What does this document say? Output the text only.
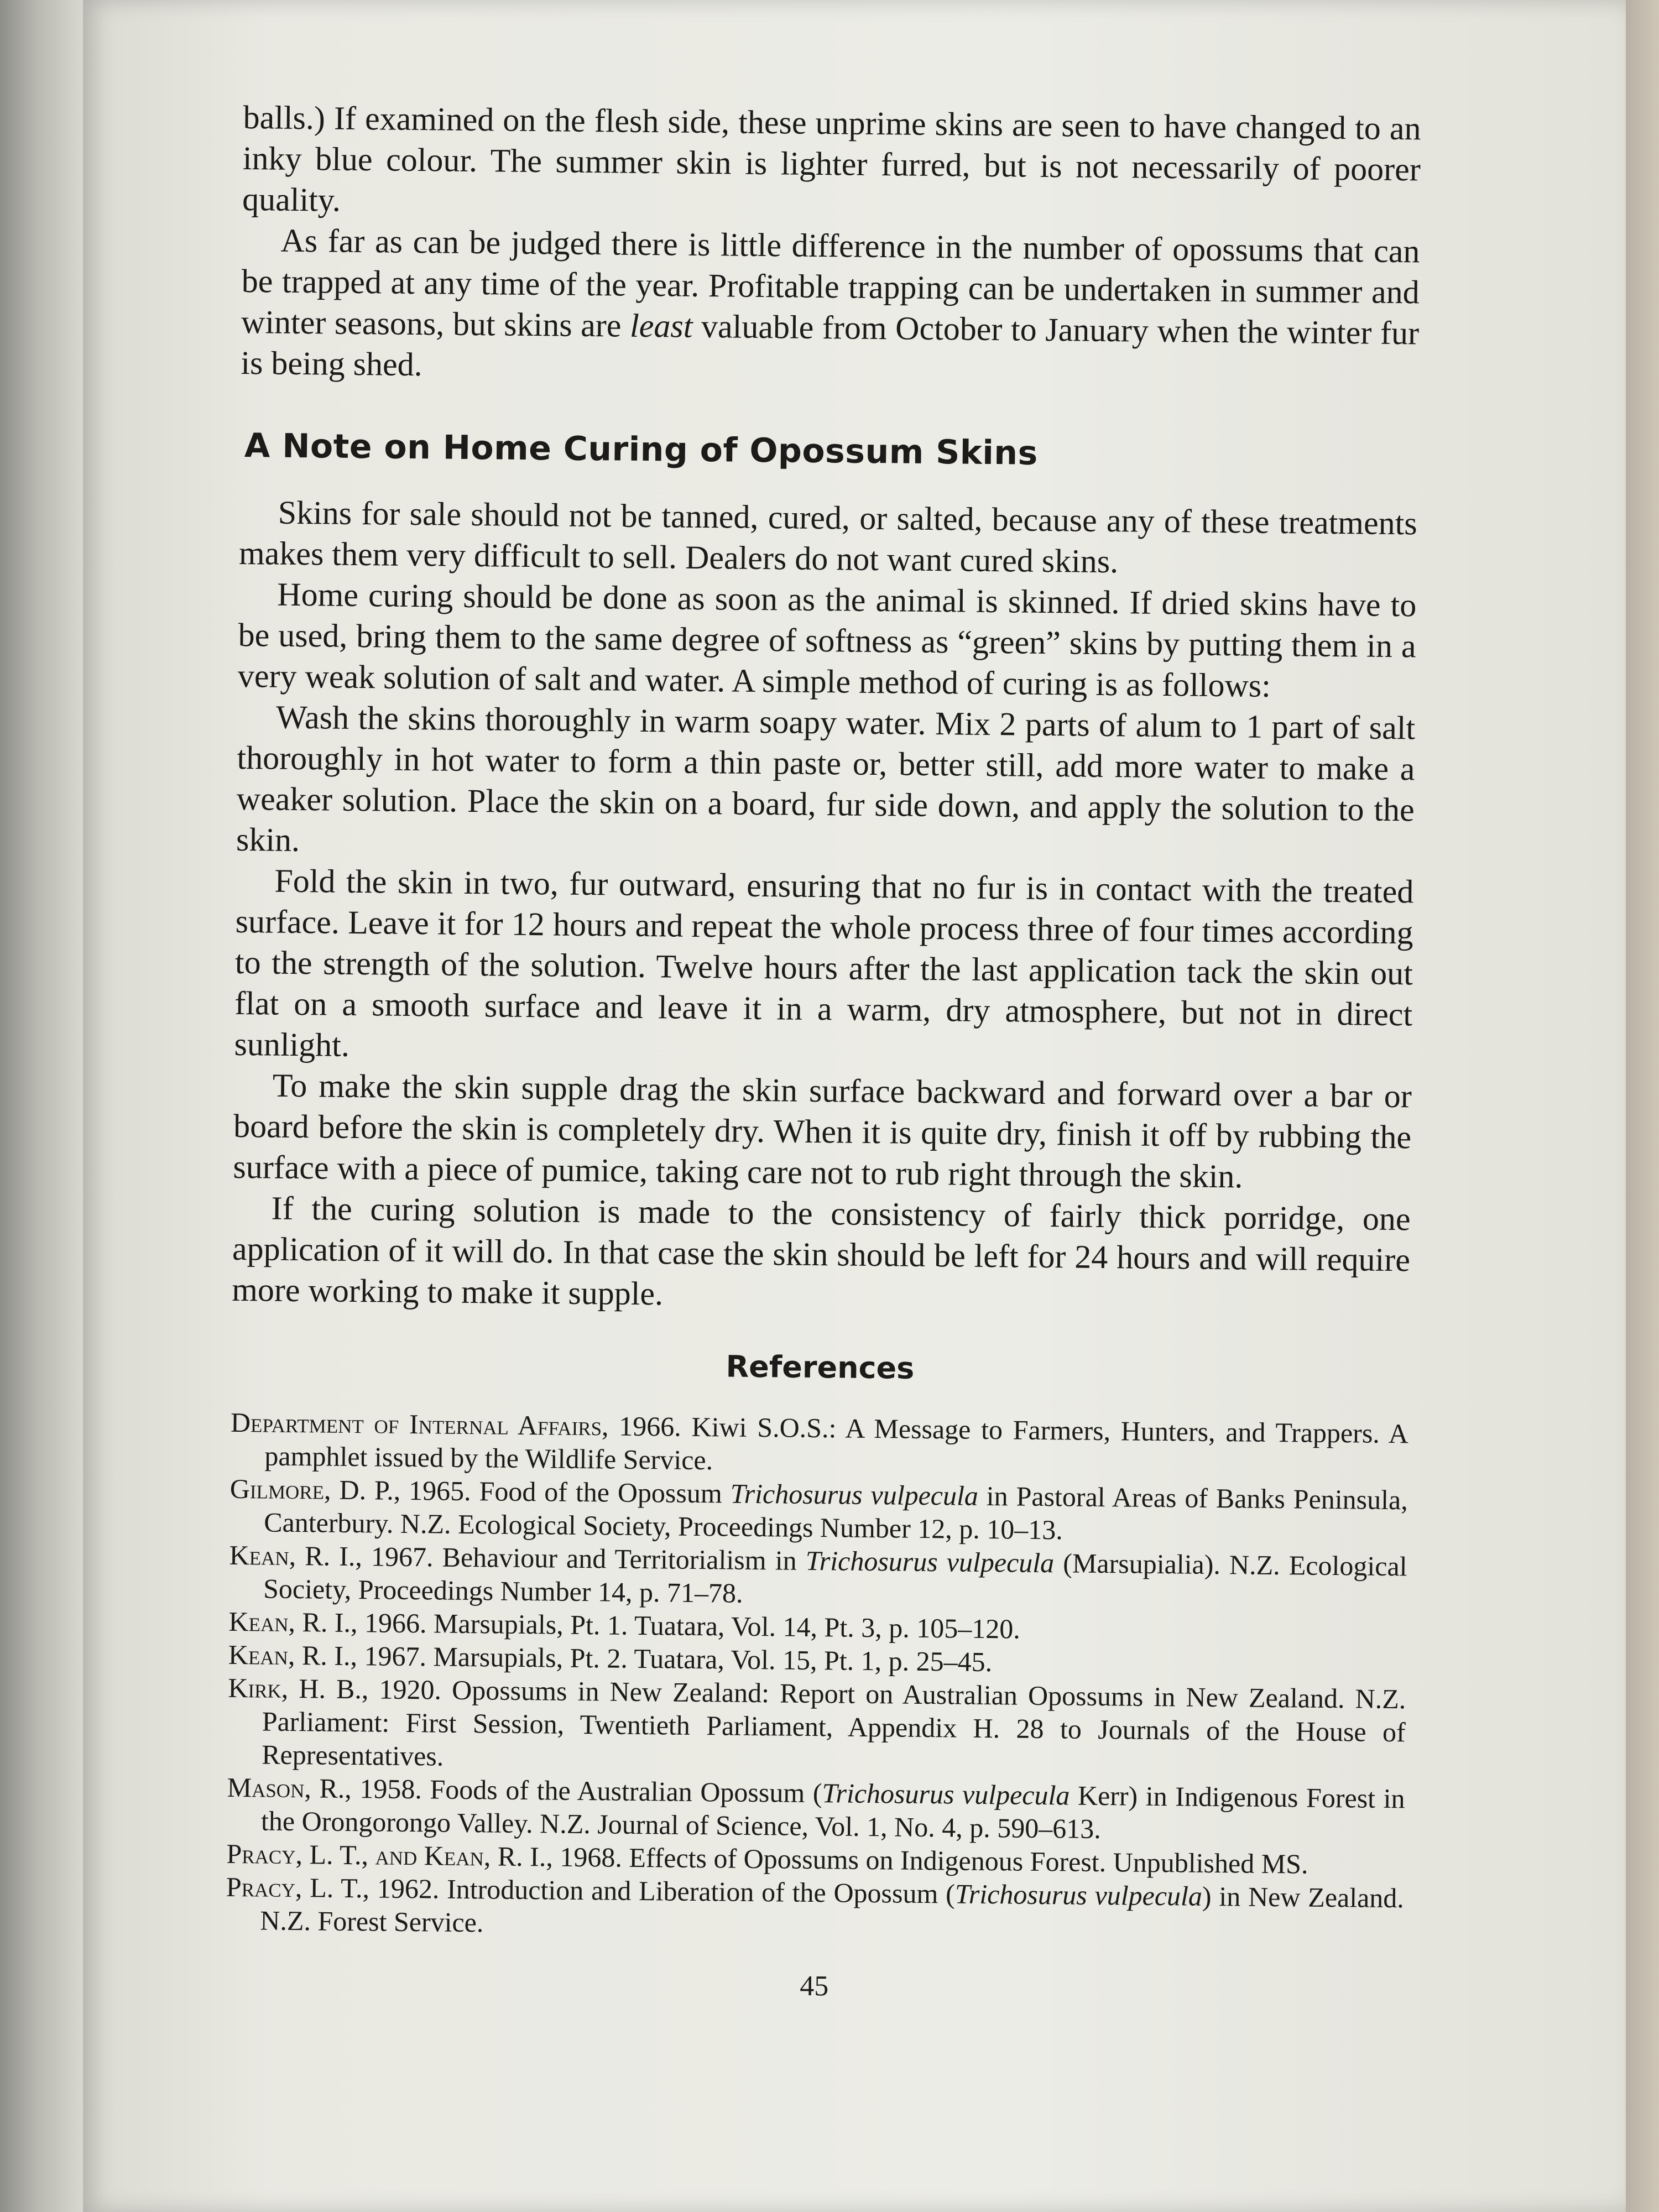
balls.) If examined on the flesh side, these unprime skins are seen to have changed to an inky blue colour. The summer skin is lighter furred, but is not necessarily of poorer quality.

As far as can be judged there is little difference in the number of opossums that can be trapped at any time of the year. Profitable trapping can be undertaken in summer and winter seasons, but skins are least valuable from October to January when the winter fur is being shed.

A Note on Home Curing of Opossum Skins

Skins for sale should not be tanned, cured, or salted, because any of these treatments makes them very difficult to sell. Dealers do not want cured skins.

Home curing should be done as soon as the animal is skinned. If dried skins have to be used, bring them to the same degree of softness as “green” skins by putting them in a very weak solution of salt and water. A simple method of curing is as follows:

Wash the skins thoroughly in warm soapy water. Mix 2 parts of alum to 1 part of salt thoroughly in hot water to form a thin paste or, better still, add more water to make a weaker solution. Place the skin on a board, fur side down, and apply the solution to the skin.

Fold the skin in two, fur outward, ensuring that no fur is in contact with the treated surface. Leave it for 12 hours and repeat the whole process three of four times according to the strength of the solution. Twelve hours after the last application tack the skin out flat on a smooth surface and leave it in a warm, dry atmosphere, but not in direct sunlight.

To make the skin supple drag the skin surface backward and forward over a bar or board before the skin is completely dry. When it is quite dry, finish it off by rubbing the surface with a piece of pumice, taking care not to rub right through the skin.

If the curing solution is made to the consistency of fairly thick porridge, one application of it will do. In that case the skin should be left for 24 hours and will require more working to make it supple.

References

Department of Internal Affairs, 1966. Kiwi S.O.S.: A Message to Farmers, Hunters, and Trappers. A pamphlet issued by the Wildlife Service.

Gilmore, D. P., 1965. Food of the Opossum Trichosurus vulpecula in Pastoral Areas of Banks Peninsula, Canterbury. N.Z. Ecological Society, Proceedings Number 12, p. 10–13.

Kean, R. I., 1967. Behaviour and Territorialism in Trichosurus vulpecula (Marsupialia). N.Z. Ecological Society, Proceedings Number 14, p. 71–78.

Kean, R. I., 1966. Marsupials, Pt. 1. Tuatara, Vol. 14, Pt. 3, p. 105–120.

Kean, R. I., 1967. Marsupials, Pt. 2. Tuatara, Vol. 15, Pt. 1, p. 25–45.

Kirk, H. B., 1920. Opossums in New Zealand: Report on Australian Opossums in New Zealand. N.Z. Parliament: First Session, Twentieth Parliament, Appendix H. 28 to Journals of the House of Representatives.

Mason, R., 1958. Foods of the Australian Opossum (Trichosurus vulpecula Kerr) in Indigenous Forest in the Orongorongo Valley. N.Z. Journal of Science, Vol. 1, No. 4, p. 590–613.

Pracy, L. T., and Kean, R. I., 1968. Effects of Opossums on Indigenous Forest. Unpublished MS.

Pracy, L. T., 1962. Introduction and Liberation of the Opossum (Trichosurus vulpecula) in New Zealand. N.Z. Forest Service.

45
